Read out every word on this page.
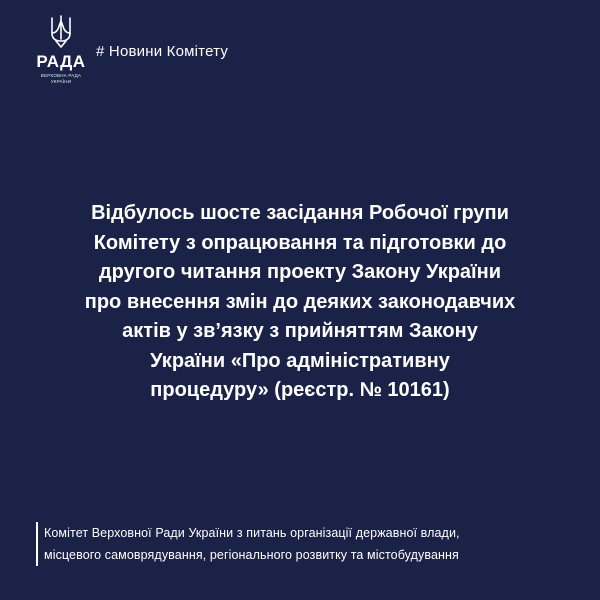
РАДА
ВЕРХОВНА РАДА
УКРАЇНИ
# Новини Комітету
Відбулось шосте засідання Робочої групи
Комітету з опрацювання та підготовки до
другого читання проекту Закону України
про внесення змін до деяких законодавчих
актів у зв’язку з прийняттям Закону
України «Про адміністративну
процедуру» (реєстр. № 10161)
Комітет Верховної Ради України з питань організації державної влади,
місцевого самоврядування, регіонального розвитку та містобудування
